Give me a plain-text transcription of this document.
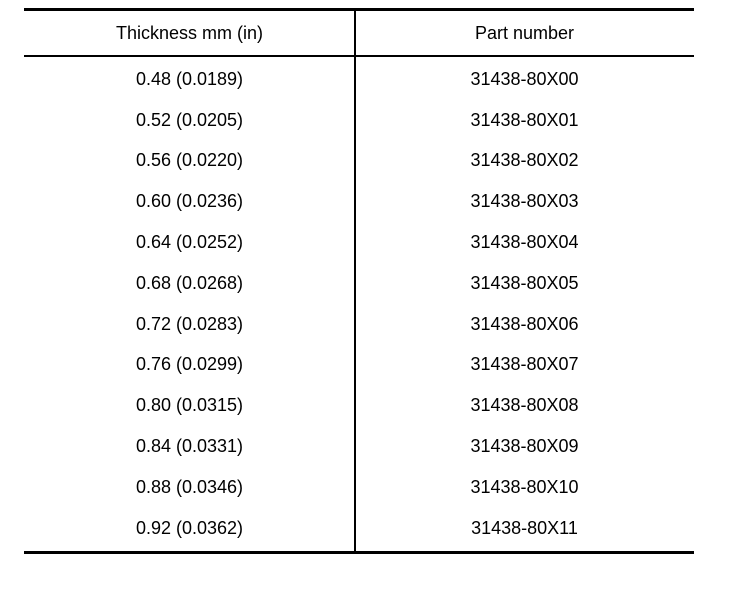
Thickness mm (in)	Part number
0.48 (0.0189)	31438-80X00
0.52 (0.0205)	31438-80X01
0.56 (0.0220)	31438-80X02
0.60 (0.0236)	31438-80X03
0.64 (0.0252)	31438-80X04
0.68 (0.0268)	31438-80X05
0.72 (0.0283)	31438-80X06
0.76 (0.0299)	31438-80X07
0.80 (0.0315)	31438-80X08
0.84 (0.0331)	31438-80X09
0.88 (0.0346)	31438-80X10
0.92 (0.0362)	31438-80X11
